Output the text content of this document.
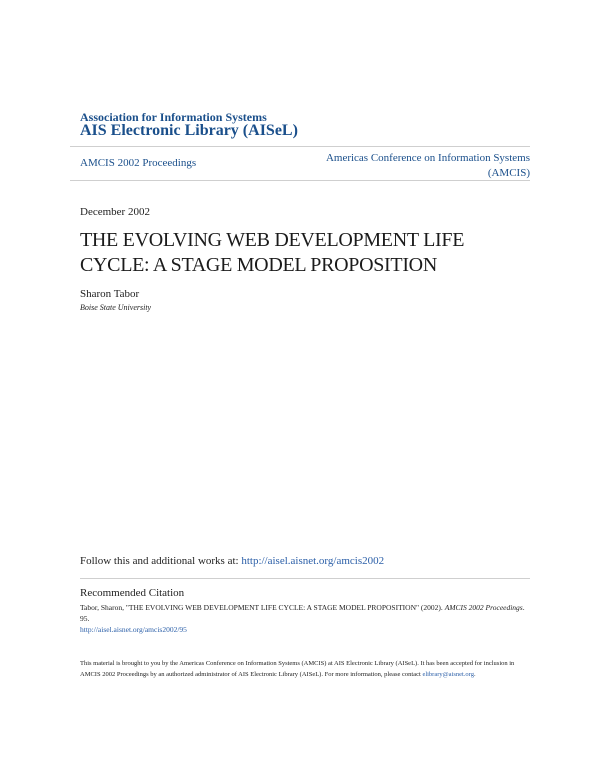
Association for Information Systems
AIS Electronic Library (AISeL)
AMCIS 2002 Proceedings	Americas Conference on Information Systems
(AMCIS)
December 2002
THE EVOLVING WEB DEVELOPMENT LIFE
CYCLE: A STAGE MODEL PROPOSITION
Sharon Tabor
Boise State University
Follow this and additional works at: http://aisel.aisnet.org/amcis2002
Recommended Citation
Tabor, Sharon, "THE EVOLVING WEB DEVELOPMENT LIFE CYCLE: A STAGE MODEL PROPOSITION" (2002). AMCIS 2002 Proceedings. 95.
http://aisel.aisnet.org/amcis2002/95
This material is brought to you by the Americas Conference on Information Systems (AMCIS) at AIS Electronic Library (AISeL). It has been accepted for inclusion in AMCIS 2002 Proceedings by an authorized administrator of AIS Electronic Library (AISeL). For more information, please contact elibrary@aisnet.org.
